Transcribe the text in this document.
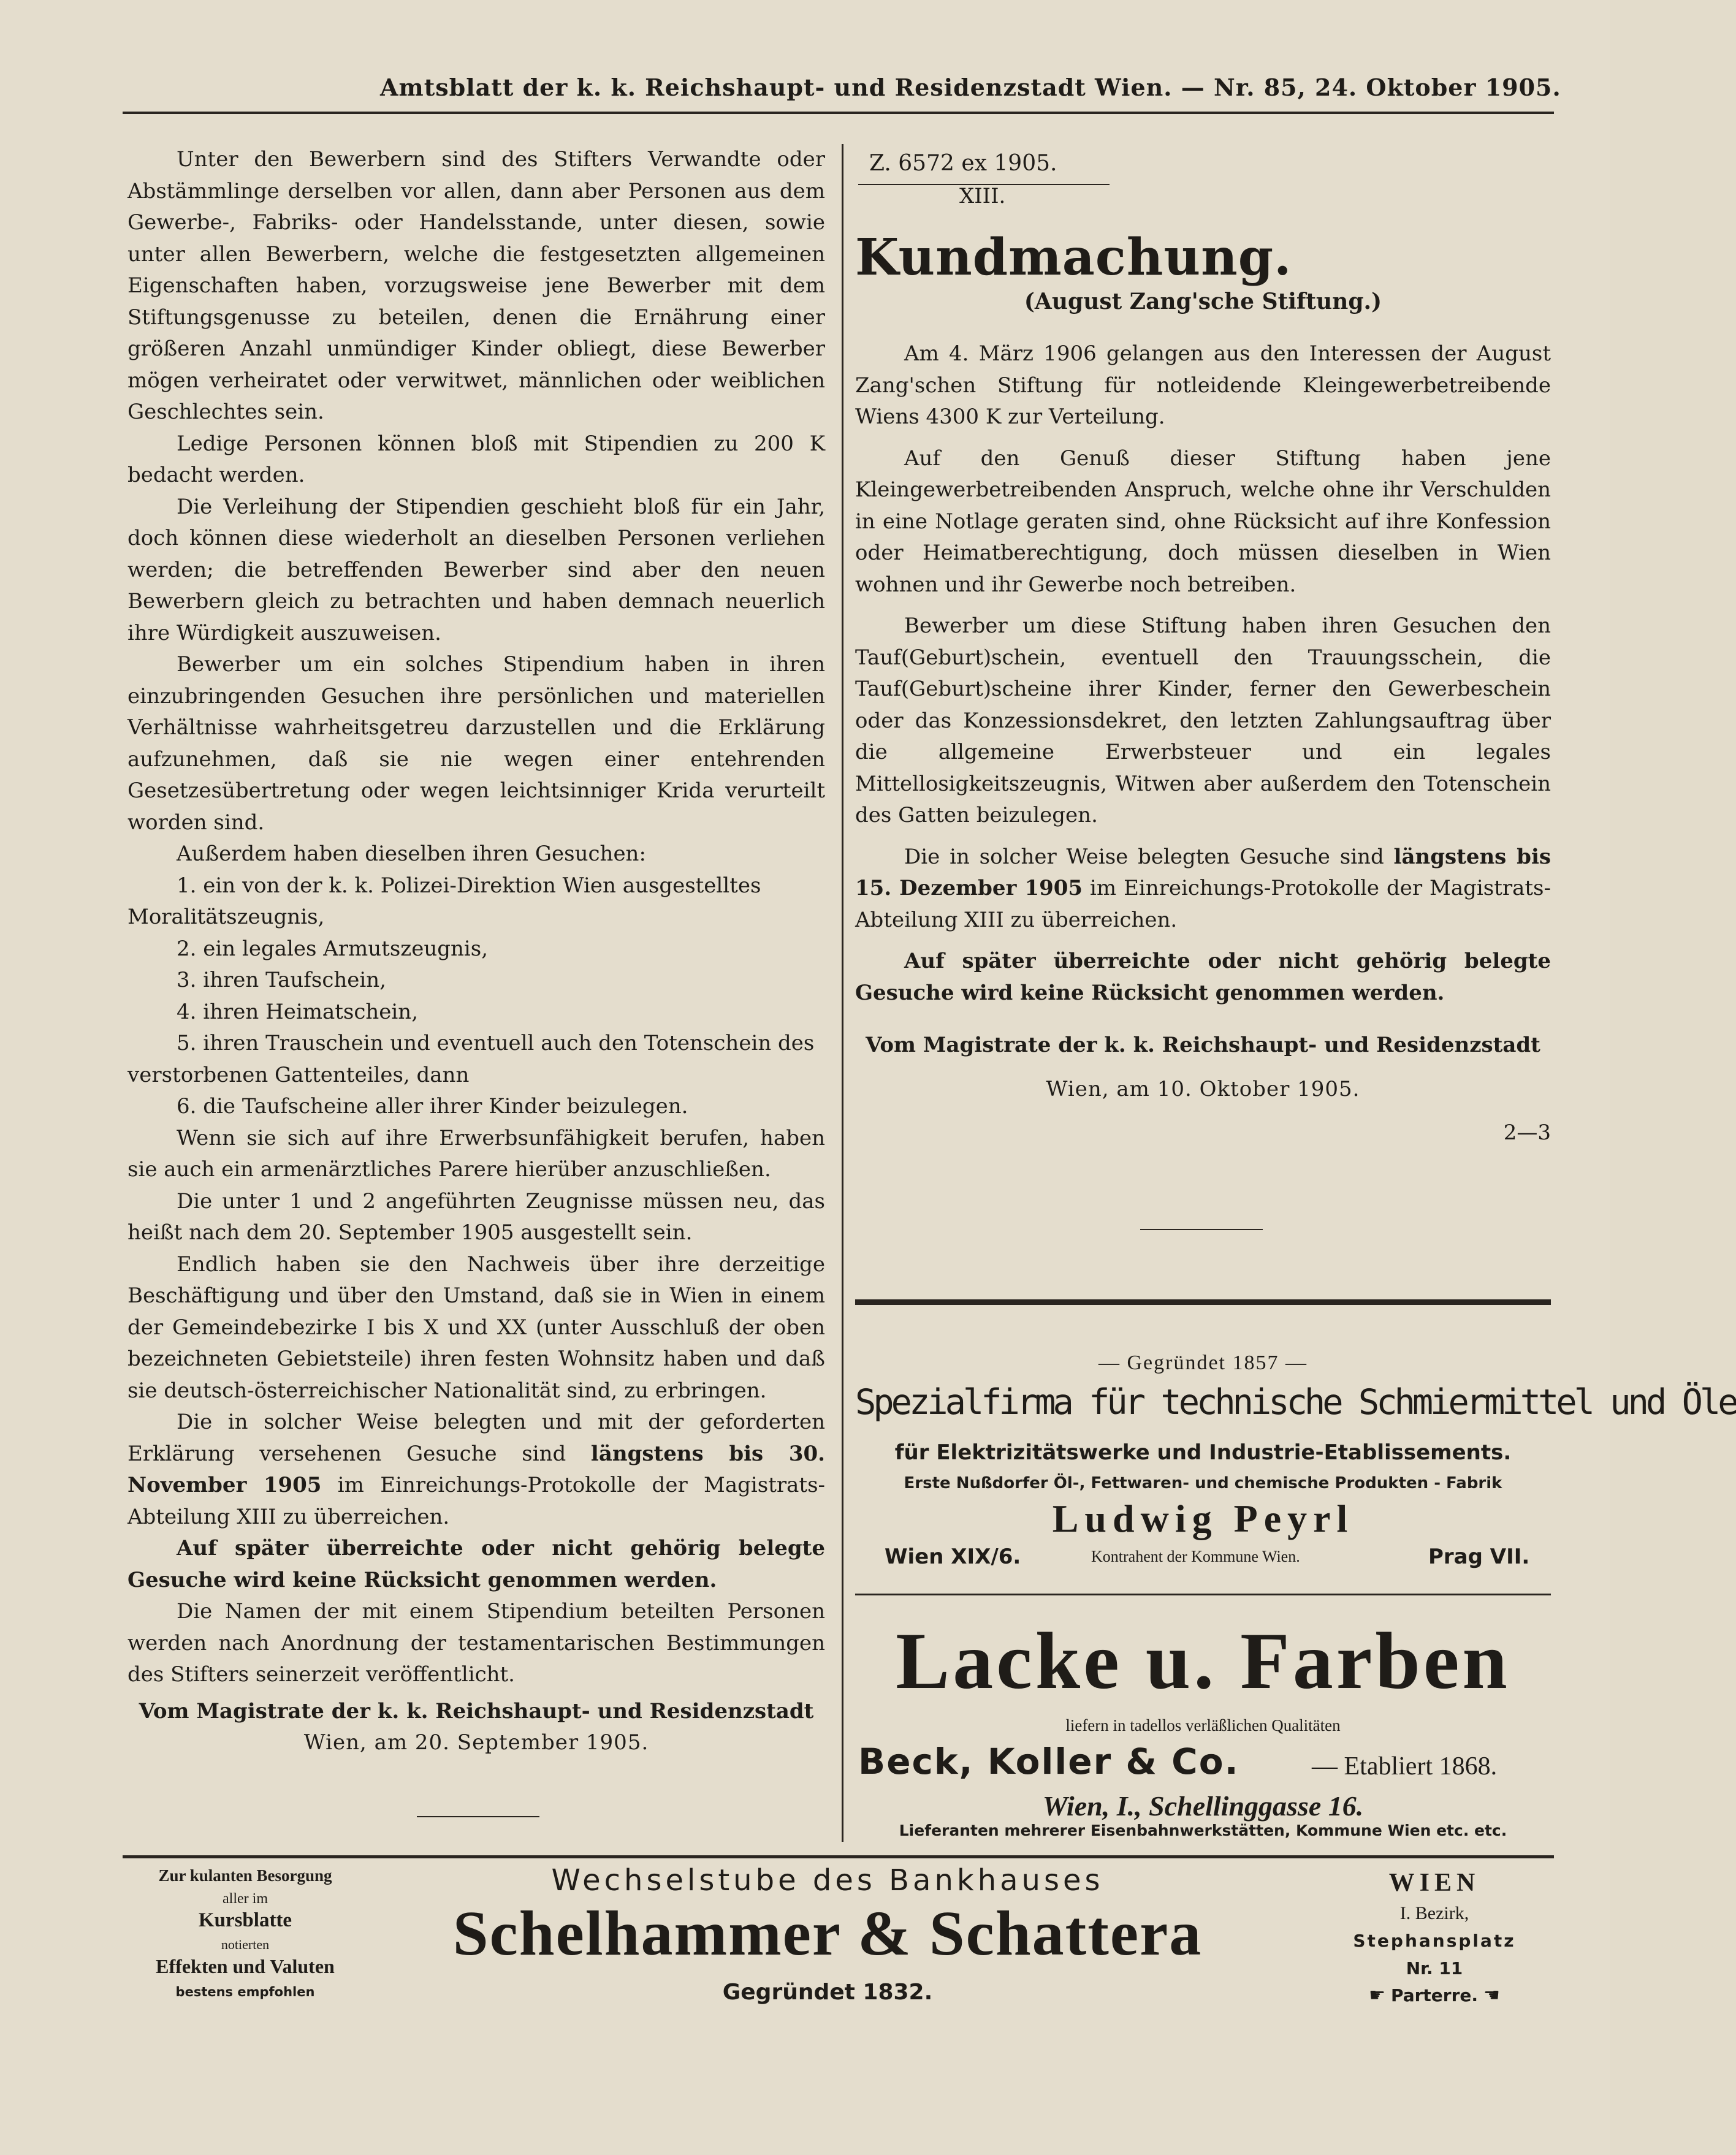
Amtsblatt der k. k. Reichshaupt- und Residenzstadt Wien. — Nr. 85, 24. Oktober 1905.

Unter den Bewerbern sind des Stifters Verwandte oder Abstämmlinge derselben vor allen, dann aber Personen aus dem Gewerbe-, Fabriks- oder Handelsstande, unter diesen, sowie unter allen Bewerbern, welche die festgesetzten allgemeinen Eigenschaften haben, vorzugsweise jene Bewerber mit dem Stiftungsgenusse zu beteilen, denen die Ernährung einer größeren Anzahl unmündiger Kinder obliegt, diese Bewerber mögen verheiratet oder verwitwet, männlichen oder weiblichen Geschlechtes sein.

Ledige Personen können bloß mit Stipendien zu 200 K bedacht werden.

Die Verleihung der Stipendien geschieht bloß für ein Jahr, doch können diese wiederholt an dieselben Personen verliehen werden; die betreffenden Bewerber sind aber den neuen Bewerbern gleich zu betrachten und haben demnach neuerlich ihre Würdigkeit auszuweisen.

Bewerber um ein solches Stipendium haben in ihren einzubringenden Gesuchen ihre persönlichen und materiellen Verhältnisse wahrheitsgetreu darzustellen und die Erklärung aufzunehmen, daß sie nie wegen einer entehrenden Gesetzesübertretung oder wegen leichtsinniger Krida verurteilt worden sind.

Außerdem haben dieselben ihren Gesuchen:

1. ein von der k. k. Polizei-Direktion Wien ausgestelltes Moralitätszeugnis,

2. ein legales Armutszeugnis,

3. ihren Taufschein,

4. ihren Heimatschein,

5. ihren Trauschein und eventuell auch den Totenschein des verstorbenen Gattenteiles, dann

6. die Taufscheine aller ihrer Kinder beizulegen.

Wenn sie sich auf ihre Erwerbsunfähigkeit berufen, haben sie auch ein armenärztliches Parere hierüber anzuschließen.

Die unter 1 und 2 angeführten Zeugnisse müssen neu, das heißt nach dem 20. September 1905 ausgestellt sein.

Endlich haben sie den Nachweis über ihre derzeitige Beschäftigung und über den Umstand, daß sie in Wien in einem der Gemeindebezirke I bis X und XX (unter Ausschluß der oben bezeichneten Gebietsteile) ihren festen Wohnsitz haben und daß sie deutsch-österreichischer Nationalität sind, zu erbringen.

Die in solcher Weise belegten und mit der geforderten Erklärung versehenen Gesuche sind längstens bis 30. November 1905 im Einreichungs-Protokolle der Magistrats-Abteilung XIII zu überreichen.

Auf später überreichte oder nicht gehörig belegte Gesuche wird keine Rücksicht genommen werden.

Die Namen der mit einem Stipendium beteilten Personen werden nach Anordnung der testamentarischen Bestimmungen des Stifters seinerzeit veröffentlicht.

Vom Magistrate der k. k. Reichshaupt- und Residenzstadt

Wien, am 20. September 1905.

Z. 6572 ex 1905.
XIII.

Kundmachung.

(August Zang'sche Stiftung.)

Am 4. März 1906 gelangen aus den Interessen der August Zang'schen Stiftung für notleidende Kleingewerbetreibende Wiens 4300 K zur Verteilung.

Auf den Genuß dieser Stiftung haben jene Kleingewerbetreibenden Anspruch, welche ohne ihr Verschulden in eine Notlage geraten sind, ohne Rücksicht auf ihre Konfession oder Heimatberechtigung, doch müssen dieselben in Wien wohnen und ihr Gewerbe noch betreiben.

Bewerber um diese Stiftung haben ihren Gesuchen den Tauf(Geburt)schein, eventuell den Trauungsschein, die Tauf(Geburt)scheine ihrer Kinder, ferner den Gewerbeschein oder das Konzessionsdekret, den letzten Zahlungsauftrag über die allgemeine Erwerbsteuer und ein legales Mittellosigkeitszeugnis, Witwen aber außerdem den Totenschein des Gatten beizulegen.

Die in solcher Weise belegten Gesuche sind längstens bis 15. Dezember 1905 im Einreichungs-Protokolle der Magistrats-Abteilung XIII zu überreichen.

Auf später überreichte oder nicht gehörig belegte Gesuche wird keine Rücksicht genommen werden.

Vom Magistrate der k. k. Reichshaupt- und Residenzstadt

Wien, am 10. Oktober 1905.

2—3

— Gegründet 1857 —
Spezialfirma für technische Schmiermittel und Öle
für Elektrizitätswerke und Industrie-Etablissements.
Erste Nußdorfer Öl-, Fettwaren- und chemische Produkten - Fabrik
Ludwig Peyrl
Wien XIX/6.	Kontrahent der Kommune Wien.	Prag VII.
Lacke u. Farben
liefern in tadellos verläßlichen Qualitäten
Beck, Koller & Co.	— Etabliert 1868.
Wien, I., Schellinggasse 16.
Lieferanten mehrerer Eisenbahnwerkstätten, Kommune Wien etc. etc.
Zur kulanten Besorgung
aller im
Kursblatte
notierten
Effekten und Valuten
bestens empfohlen
Wechselstube des Bankhauses
Schelhammer & Schattera
Gegründet 1832.
WIEN
I. Bezirk,
Stephansplatz
Nr. 11
☛ Parterre. ☚
